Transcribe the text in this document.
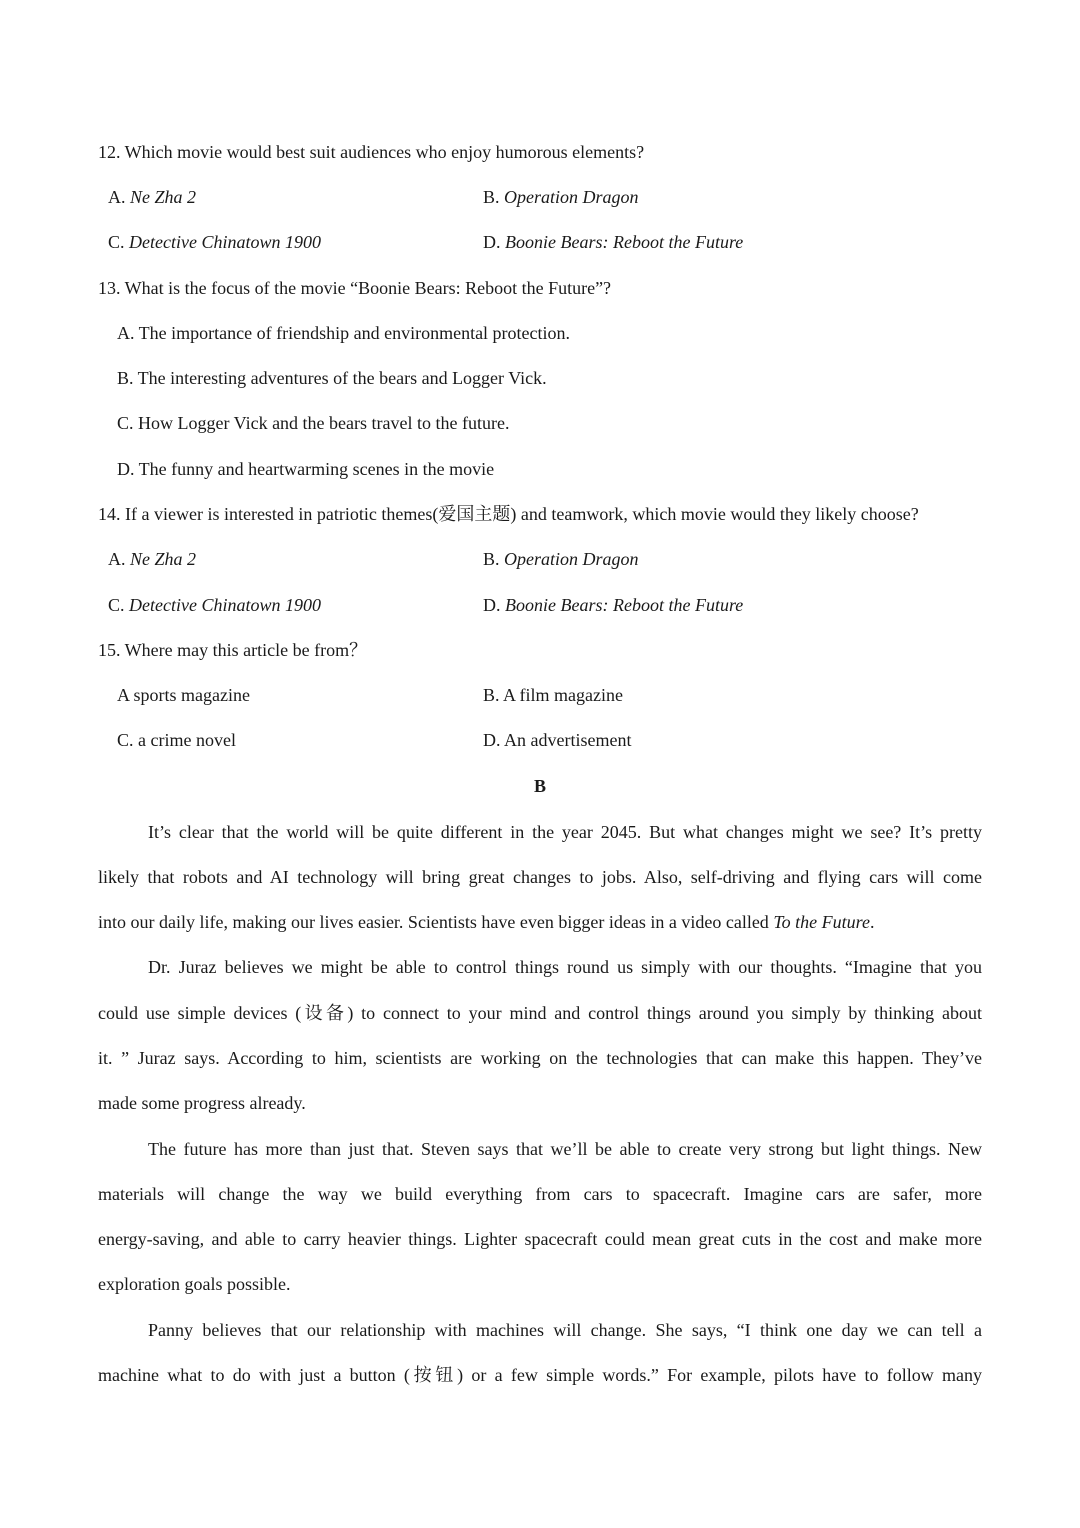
12. Which movie would best suit audiences who enjoy humorous elements?
A. Ne Zha 2	B. Operation Dragon
C. Detective Chinatown 1900	D. Boonie Bears: Reboot the Future
13. What is the focus of the movie “Boonie Bears: Reboot the Future”?
A. The importance of friendship and environmental protection.
B. The interesting adventures of the bears and Logger Vick.
C. How Logger Vick and the bears travel to the future.
D. The funny and heartwarming scenes in the movie
14. If a viewer is interested in patriotic themes(爱国主题) and teamwork, which movie would they likely choose?
A. Ne Zha 2	B. Operation Dragon
C. Detective Chinatown 1900	D. Boonie Bears: Reboot the Future
15. Where may this article be from？
A sports magazine	B. A film magazine
C. a crime novel	D. An advertisement
B
It’s clear that the world will be quite different in the year 2045. But what changes might we see? It’s pretty
likely that robots and AI technology will bring great changes to jobs. Also, self-driving and flying cars will come
into our daily life, making our lives easier. Scientists have even bigger ideas in a video called To the Future.
Dr. Juraz believes we might be able to control things round us simply with our thoughts. “Imagine that you
could use simple devices (设备) to connect to your mind and control things around you simply by thinking about
it. ” Juraz says. According to him, scientists are working on the technologies that can make this happen. They’ve
made some progress already.
The future has more than just that. Steven says that we’ll be able to create very strong but light things. New
materials will change the way we build everything from cars to spacecraft. Imagine cars are safer, more
energy-saving, and able to carry heavier things. Lighter spacecraft could mean great cuts in the cost and make more
exploration goals possible.
Panny believes that our relationship with machines will change. She says, “I think one day we can tell a
machine what to do with just a button (按钮) or a few simple words.” For example, pilots have to follow many
